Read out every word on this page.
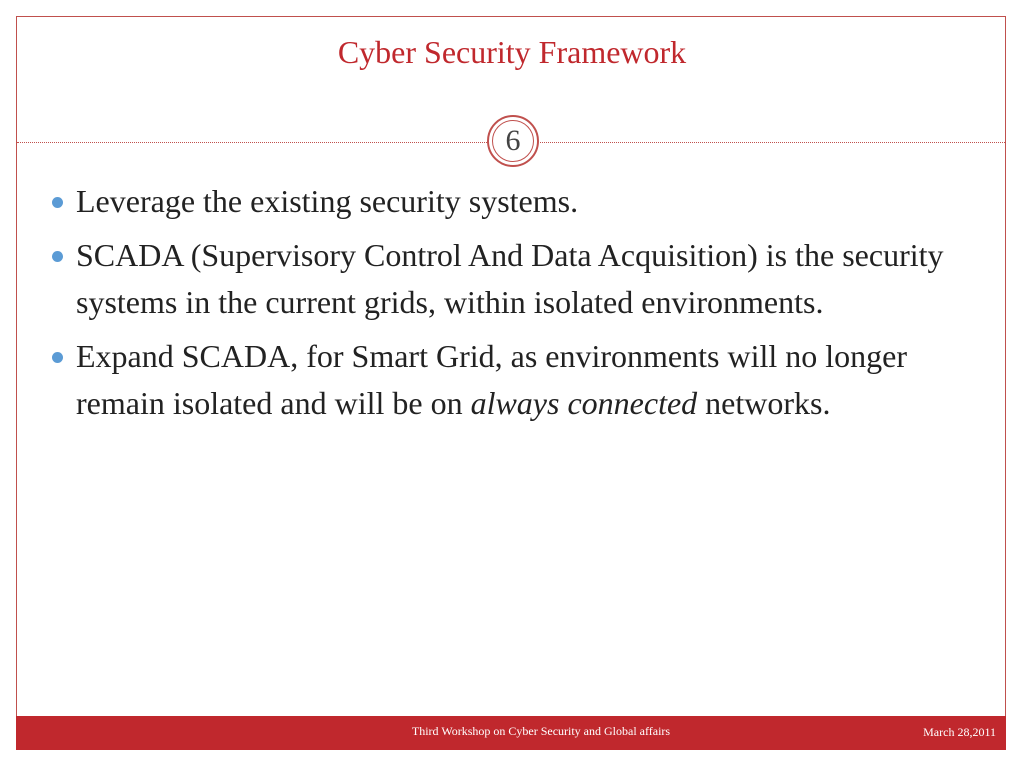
Cyber Security Framework
6
Leverage the existing security systems.
SCADA (Supervisory Control And Data Acquisition) is the security systems in the current grids, within isolated environments.
Expand SCADA, for Smart Grid, as environments will no longer remain isolated and will be on always connected networks.
Third Workshop on Cyber Security and Global affairs	March 28,2011
